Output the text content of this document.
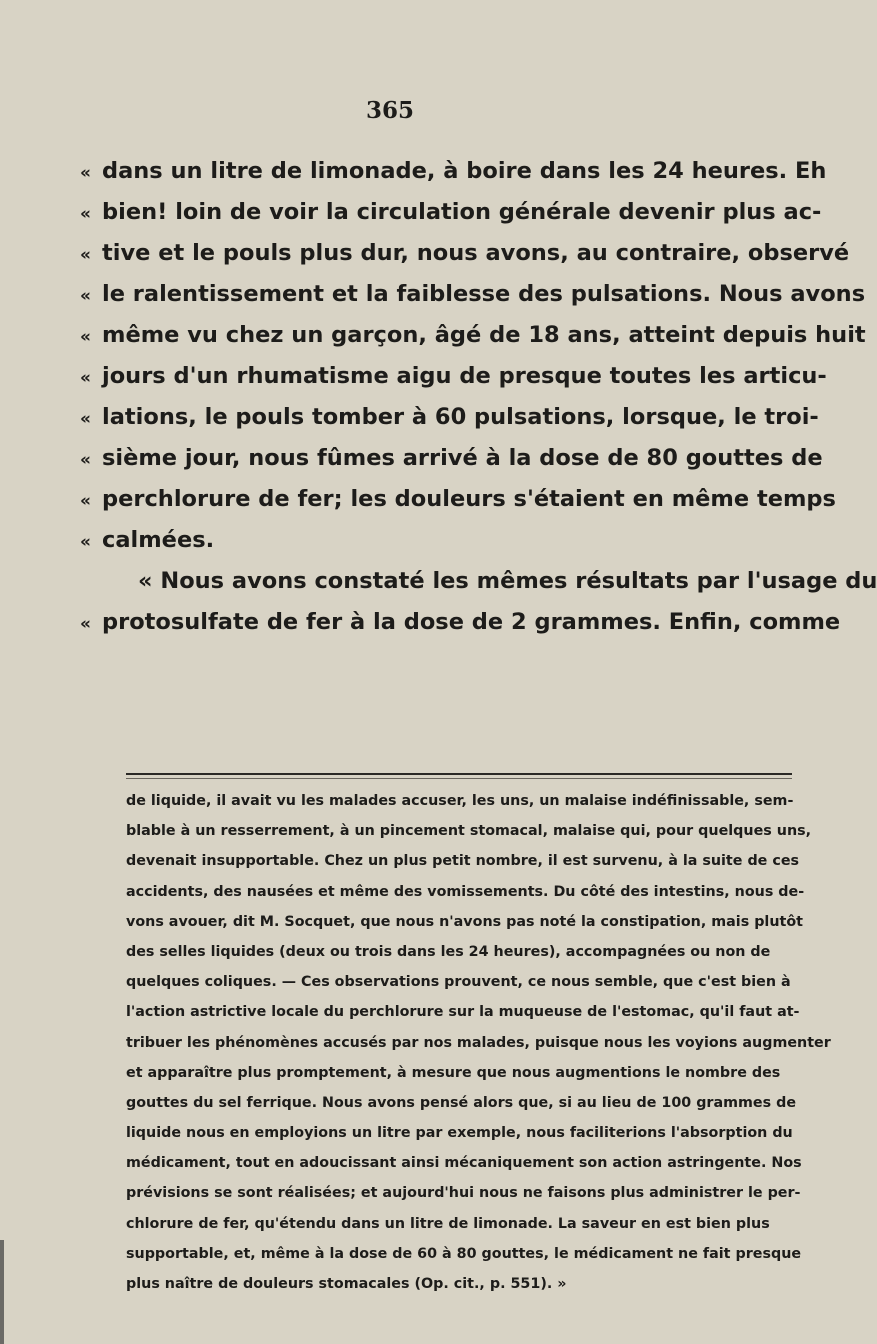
365
« dans un litre de limonade, à boire dans les 24 heures. Eh
« bien! loin de voir la circulation générale devenir plus ac-
« tive et le pouls plus dur, nous avons, au contraire, observé
« le ralentissement et la faiblesse des pulsations. Nous avons
« même vu chez un garçon, âgé de 18 ans, atteint depuis huit
« jours d'un rhumatisme aigu de presque toutes les articu-
« lations, le pouls tomber à 60 pulsations, lorsque, le troi-
« sième jour, nous fûmes arrivé à la dose de 80 gouttes de
« perchlorure de fer; les douleurs s'étaient en même temps
« calmées.
« Nous avons constaté les mêmes résultats par l'usage du
« protosulfate de fer à la dose de 2 grammes. Enfin, comme
de liquide, il avait vu les malades accuser, les uns, un malaise indéfinissable, sem-
blable à un resserrement, à un pincement stomacal, malaise qui, pour quelques uns,
devenait insupportable. Chez un plus petit nombre, il est survenu, à la suite de ces
accidents, des nausées et même des vomissements. Du côté des intestins, nous de-
vons avouer, dit M. Socquet, que nous n'avons pas noté la constipation, mais plutôt
des selles liquides (deux ou trois dans les 24 heures), accompagnées ou non de
quelques coliques. — Ces observations prouvent, ce nous semble, que c'est bien à
l'action astrictive locale du perchlorure sur la muqueuse de l'estomac, qu'il faut at-
tribuer les phénomènes accusés par nos malades, puisque nous les voyions augmenter
et apparaître plus promptement, à mesure que nous augmentions le nombre des
gouttes du sel ferrique. Nous avons pensé alors que, si au lieu de 100 grammes de
liquide nous en employions un litre par exemple, nous faciliterions l'absorption du
médicament, tout en adoucissant ainsi mécaniquement son action astringente. Nos
prévisions se sont réalisées; et aujourd'hui nous ne faisons plus administrer le per-
chlorure de fer, qu'étendu dans un litre de limonade. La saveur en est bien plus
supportable, et, même à la dose de 60 à 80 gouttes, le médicament ne fait presque
plus naître de douleurs stomacales (Op. cit., p. 551). »
